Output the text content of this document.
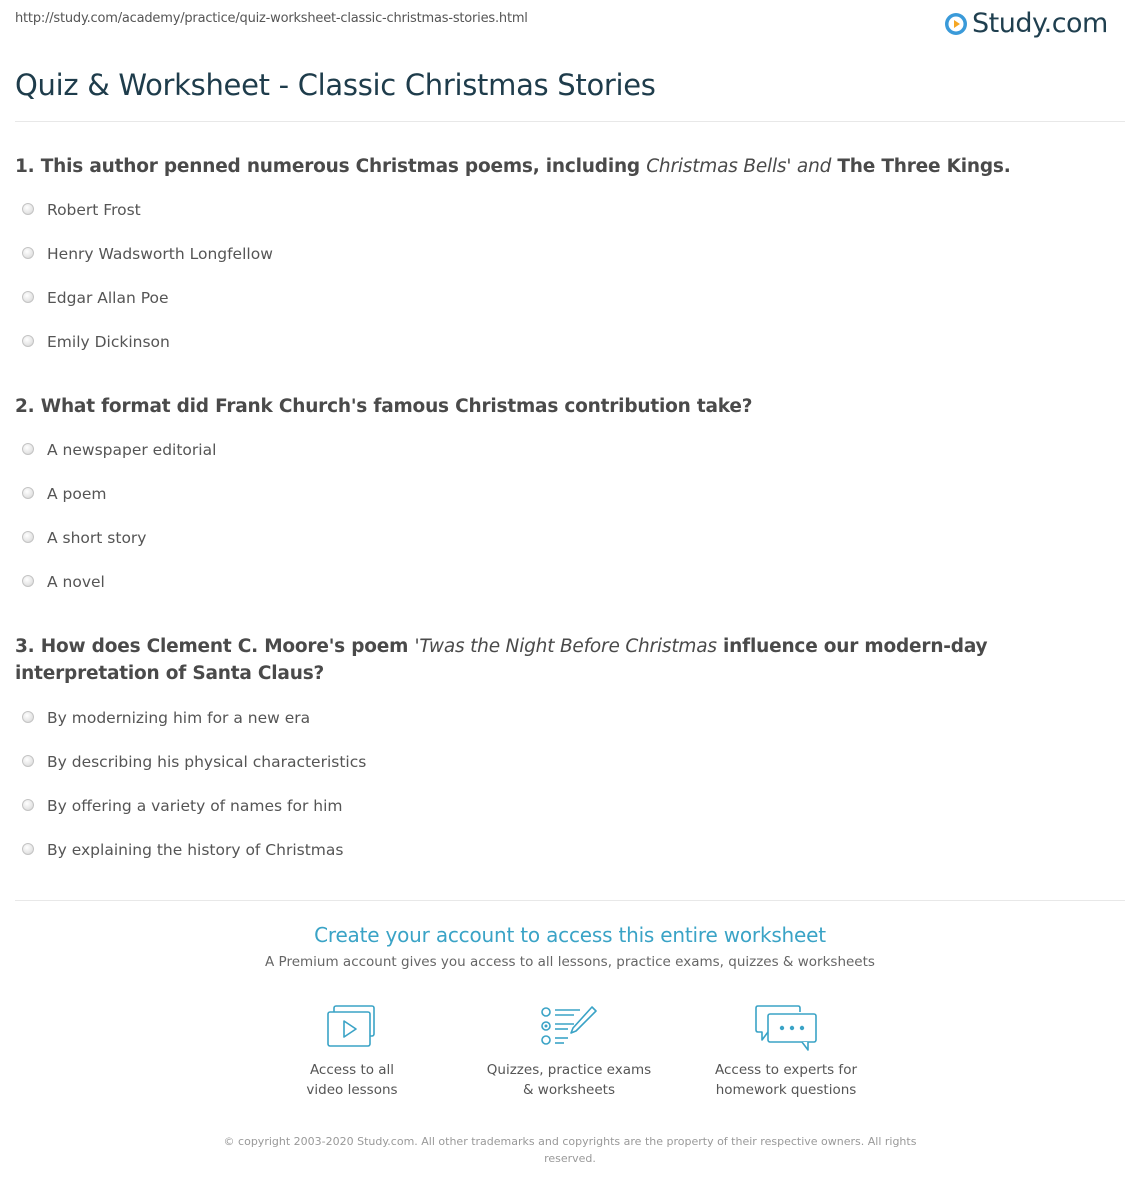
http://study.com/academy/practice/quiz-worksheet-classic-christmas-stories.html	Study.com
Quiz & Worksheet - Classic Christmas Stories

1. This author penned numerous Christmas poems, including Christmas Bells' and The Three Kings.

Robert Frost
Henry Wadsworth Longfellow
Edgar Allan Poe
Emily Dickinson

2. What format did Frank Church's famous Christmas contribution take?

A newspaper editorial
A poem
A short story
A novel

3. How does Clement C. Moore's poem 'Twas the Night Before Christmas influence our modern-day interpretation of Santa Claus?

By modernizing him for a new era
By describing his physical characteristics
By offering a variety of names for him
By explaining the history of Christmas
Create your account to access this entire worksheet
A Premium account gives you access to all lessons, practice exams, quizzes & worksheets
Access to all
video lessons
Quizzes, practice exams
& worksheets
Access to experts for
homework questions
© copyright 2003-2020 Study.com. All other trademarks and copyrights are the property of their respective owners. All rights
reserved.
